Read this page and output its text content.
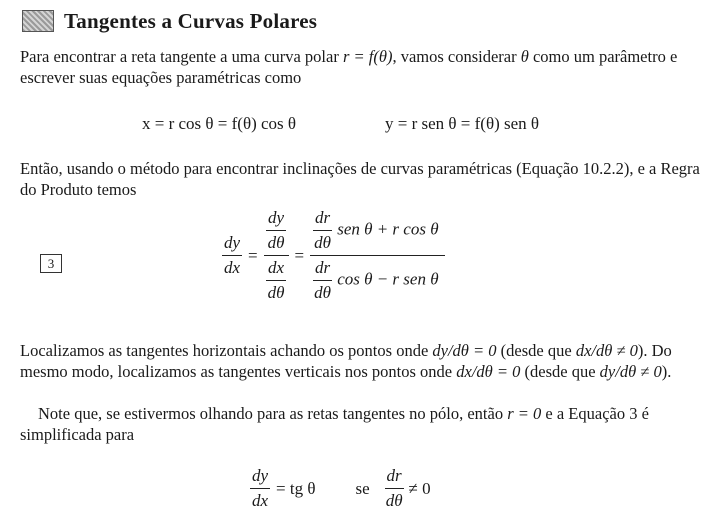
Tangentes a Curvas Polares
Para encontrar a reta tangente a uma curva polar r = f(θ), vamos considerar θ como um parâmetro e escrever suas equações paramétricas como
x = r cos θ = f(θ) cos θ	y = r sen θ = f(θ) sen θ
Então, usando o método para encontrar inclinações de curvas paramétricas (Equação 10.2.2), e a Regra do Produto temos
3	$\frac{dy}{dx} = \frac{\frac{dy}{d\theta}}{\frac{dx}{d\theta}} = \frac{\frac{dr}{d\theta} sen \theta + r \cos \theta}{\frac{dr}{d\theta} \cos \theta - r sen \theta}$
Localizamos as tangentes horizontais achando os pontos onde dy/dθ = 0 (desde que dx/dθ ≠ 0). Do mesmo modo, localizamos as tangentes verticais nos pontos onde dx/dθ = 0 (desde que dy/dθ ≠ 0).
Note que, se estivermos olhando para as retas tangentes no pólo, então r = 0 e a Equação 3 é simplificada para
$\frac{dy}{dx}$ = tg θ se $\frac{dr}{d\theta} \ne 0$
